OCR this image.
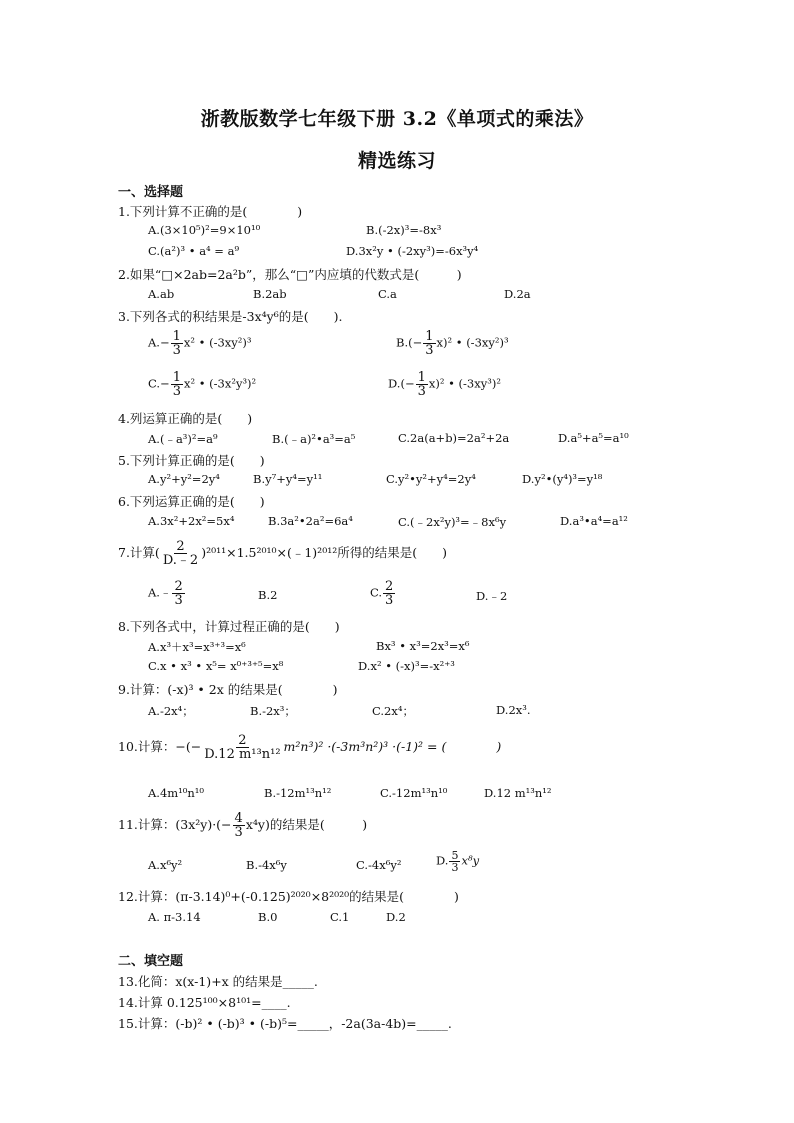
浙教版数学七年级下册 3.2《单项式的乘法》
精选练习
一、选择题
1.下列计算不正确的是(　　　　)
A.(3×10⁵)²=9×10¹⁰	B.(-2x)³=-8x³
C.(a²)³ • a⁴ = a⁹	D.3x²y • (-2xy³)=-6x³y⁴
2.如果“□×2ab=2a²b”，那么“□”内应填的代数式是(　　　)
A.ab	B.2ab	C.a	D.2a
3.下列各式的积结果是-3x⁴y⁶的是(　　).
$A.- \frac{1}{3} x^2$ • (-3xy²)³	$B.(- \frac{1}{3} x)^2$ • (-3xy²)³
$C.- \frac{1}{3} x^2$ • (-3x²y³)²	$D.(- \frac{1}{3} x)^2$ • (-3xy³)²
4.列运算正确的是(　　)
A.(﹣a³)²=a⁹	B.(﹣a)²•a³=a⁵	C.2a(a+b)=2a²+2a	D.a⁵+a⁵=a¹⁰
5.下列计算正确的是(　　)
A.y²+y²=2y⁴	B.y⁷+y⁴=y¹¹	C.y²•y²+y⁴=2y⁴	D.y²•(y⁴)³=y¹⁸
6.下列运算正确的是(　　)
A.3x²+2x²=5x⁴	B.3a²•2a²=6a⁴	C.(﹣2x²y)³=﹣8x⁶y	D.a³•a⁴=a¹²
7.计算( $\frac{2}{D.﹣2}$ )²⁰¹¹×1.5²⁰¹⁰×(﹣1)²⁰¹²所得的结果是(　　)
A.﹣ $\frac{2}{3}$	B.2	C. $\frac{2}{3}$	D.﹣2
8.下列各式中，计算过程正确的是(　　)
A.x³＋x³=x³⁺³=x⁶	Bx³ • x³=2x³=x⁶
C.x • x³ • x⁵= x⁰⁺³⁺⁵=x⁸	D.x² • (-x)³=-x²⁺³
9.计算：(-x)³ • 2x 的结果是(　　　　)
A.-2x⁴；	B.-2x³；	C.2x⁴；	D.2x³.
10.计算：−(− $\frac{2}{\text{D.12 m¹³n¹²}} m^2n^3)^2 \cdot(-3m^3n^2)^3 \cdot(-1)^2$ = (　　　　)
A.4m¹⁰n¹⁰	B.-12m¹³n¹²	C.-12m¹³n¹⁰	D.12 m¹³n¹²
11.计算：$(3x^2y)\cdot(- \frac{4}{3} x^4y)$的结果是(　　　)
A.x⁶y²	B.-4x⁶y	C.-4x⁶y²	D. $\frac{5}{3} x^8y$
12.计算：(π-3.14)⁰+(-0.125)²⁰²⁰×8²⁰²⁰的结果是(　　　　)
A. π-3.14	B.0	C.1	D.2
二、填空题
13.化简：x(x-1)+x 的结果是_____.
14.计算 0.125¹⁰⁰×8¹⁰¹=____.
15.计算：(-b)² • (-b)³ • (-b)⁵=_____，-2a(3a-4b)=_____.
